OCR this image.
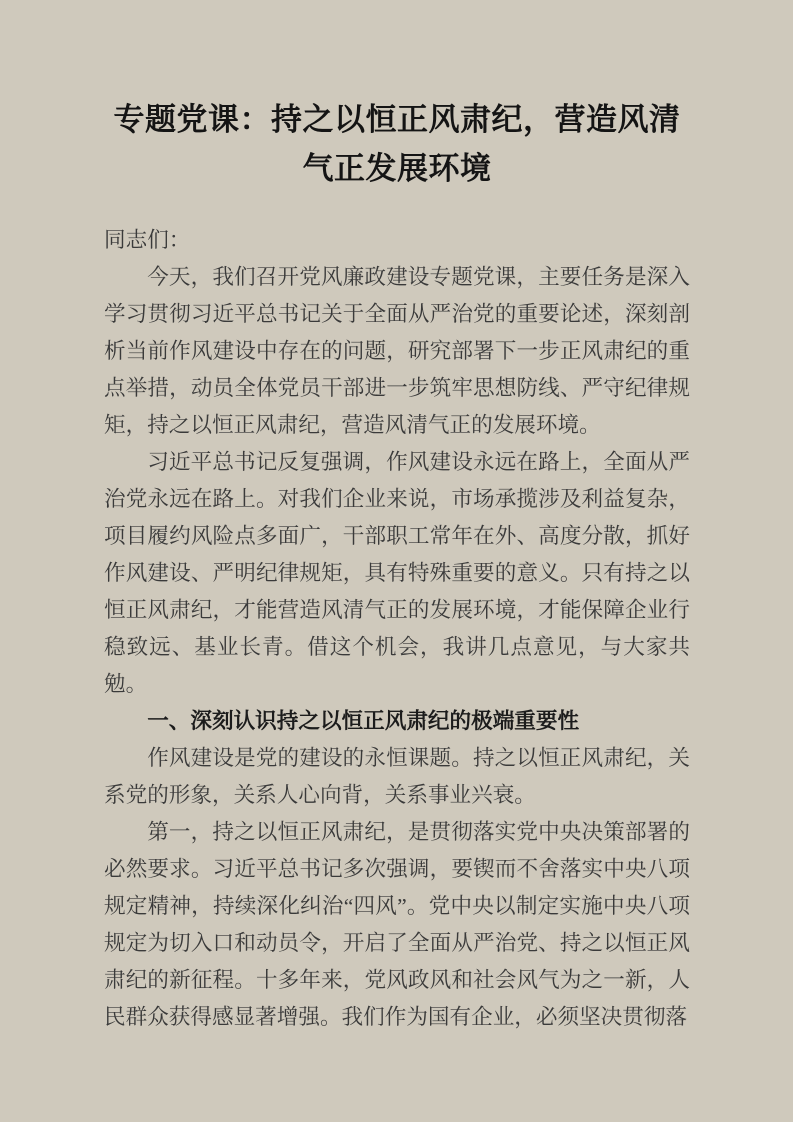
专题党课：持之以恒正风肃纪，营造风清气正发展环境

同志们：

今天，我们召开党风廉政建设专题党课，主要任务是深入学习贯彻习近平总书记关于全面从严治党的重要论述，深刻剖析当前作风建设中存在的问题，研究部署下一步正风肃纪的重点举措，动员全体党员干部进一步筑牢思想防线、严守纪律规矩，持之以恒正风肃纪，营造风清气正的发展环境。

习近平总书记反复强调，作风建设永远在路上，全面从严治党永远在路上。对我们企业来说，市场承揽涉及利益复杂，项目履约风险点多面广，干部职工常年在外、高度分散，抓好作风建设、严明纪律规矩，具有特殊重要的意义。只有持之以恒正风肃纪，才能营造风清气正的发展环境，才能保障企业行稳致远、基业长青。借这个机会，我讲几点意见，与大家共勉。

一、深刻认识持之以恒正风肃纪的极端重要性

作风建设是党的建设的永恒课题。持之以恒正风肃纪，关系党的形象，关系人心向背，关系事业兴衰。

第一，持之以恒正风肃纪，是贯彻落实党中央决策部署的必然要求。习近平总书记多次强调，要锲而不舍落实中央八项规定精神，持续深化纠治“四风”。党中央以制定实施中央八项规定为切入口和动员令，开启了全面从严治党、持之以恒正风肃纪的新征程。十多年来，党风政风和社会风气为之一新，人民群众获得感显著增强。我们作为国有企业，必须坚决贯彻落
